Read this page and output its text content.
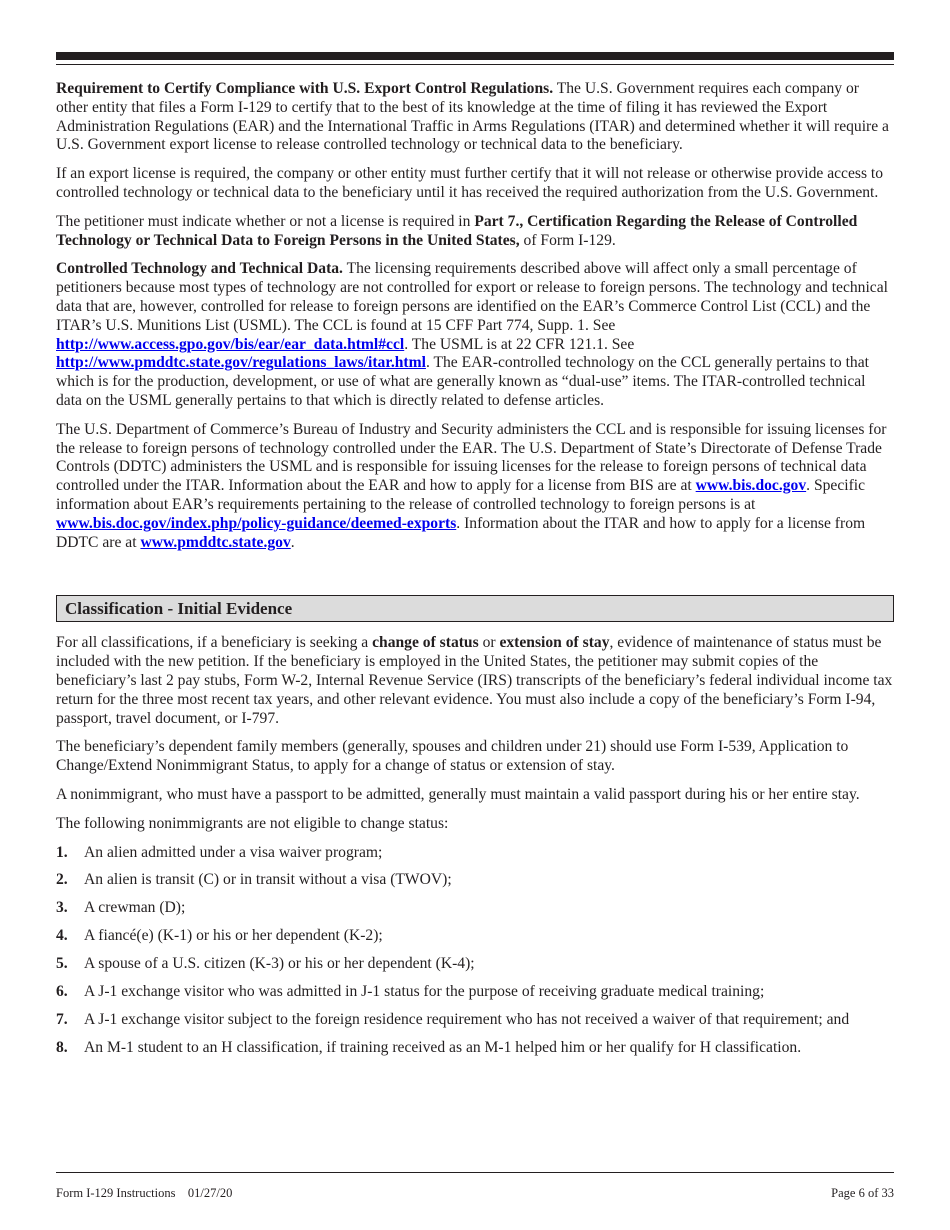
Requirement to Certify Compliance with U.S. Export Control Regulations. The U.S. Government requires each company or other entity that files a Form I-129 to certify that to the best of its knowledge at the time of filing it has reviewed the Export Administration Regulations (EAR) and the International Traffic in Arms Regulations (ITAR) and determined whether it will require a U.S. Government export license to release controlled technology or technical data to the beneficiary.

If an export license is required, the company or other entity must further certify that it will not release or otherwise provide access to controlled technology or technical data to the beneficiary until it has received the required authorization from the U.S. Government.

The petitioner must indicate whether or not a license is required in Part 7., Certification Regarding the Release of Controlled Technology or Technical Data to Foreign Persons in the United States, of Form I-129.

Controlled Technology and Technical Data. The licensing requirements described above will affect only a small percentage of petitioners because most types of technology are not controlled for export or release to foreign persons. The technology and technical data that are, however, controlled for release to foreign persons are identified on the EAR’s Commerce Control List (CCL) and the ITAR’s U.S. Munitions List (USML). The CCL is found at 15 CFF Part 774, Supp. 1. See http://www.access.gpo.gov/bis/ear/ear_data.html#ccl. The USML is at 22 CFR 121.1. See http://www.pmddtc.state.gov/regulations_laws/itar.html. The EAR-controlled technology on the CCL generally pertains to that which is for the production, development, or use of what are generally known as “dual-use” items. The ITAR-controlled technical data on the USML generally pertains to that which is directly related to defense articles.

The U.S. Department of Commerce’s Bureau of Industry and Security administers the CCL and is responsible for issuing licenses for the release to foreign persons of technology controlled under the EAR. The U.S. Department of State’s Directorate of Defense Trade Controls (DDTC) administers the USML and is responsible for issuing licenses for the release to foreign persons of technical data controlled under the ITAR. Information about the EAR and how to apply for a license from BIS are at www.bis.doc.gov. Specific information about EAR’s requirements pertaining to the release of controlled technology to foreign persons is at www.bis.doc.gov/index.php/policy-guidance/deemed-exports. Information about the ITAR and how to apply for a license from DDTC are at www.pmddtc.state.gov.

Classification - Initial Evidence

For all classifications, if a beneficiary is seeking a change of status or extension of stay, evidence of maintenance of status must be included with the new petition. If the beneficiary is employed in the United States, the petitioner may submit copies of the beneficiary’s last 2 pay stubs, Form W-2, Internal Revenue Service (IRS) transcripts of the beneficiary’s federal individual income tax return for the three most recent tax years, and other relevant evidence. You must also include a copy of the beneficiary’s Form I-94, passport, travel document, or I-797.

The beneficiary’s dependent family members (generally, spouses and children under 21) should use Form I-539, Application to Change/Extend Nonimmigrant Status, to apply for a change of status or extension of stay.

A nonimmigrant, who must have a passport to be admitted, generally must maintain a valid passport during his or her entire stay.

The following nonimmigrants are not eligible to change status:

1. An alien admitted under a visa waiver program;
2. An alien is transit (C) or in transit without a visa (TWOV);
3. A crewman (D);
4. A fiancé(e) (K-1) or his or her dependent (K-2);
5. A spouse of a U.S. citizen (K-3) or his or her dependent (K-4);
6. A J-1 exchange visitor who was admitted in J-1 status for the purpose of receiving graduate medical training;
7. A J-1 exchange visitor subject to the foreign residence requirement who has not received a waiver of that requirement; and
8. An M-1 student to an H classification, if training received as an M-1 helped him or her qualify for H classification.
Form I-129 Instructions    01/27/20	Page 6 of 33
